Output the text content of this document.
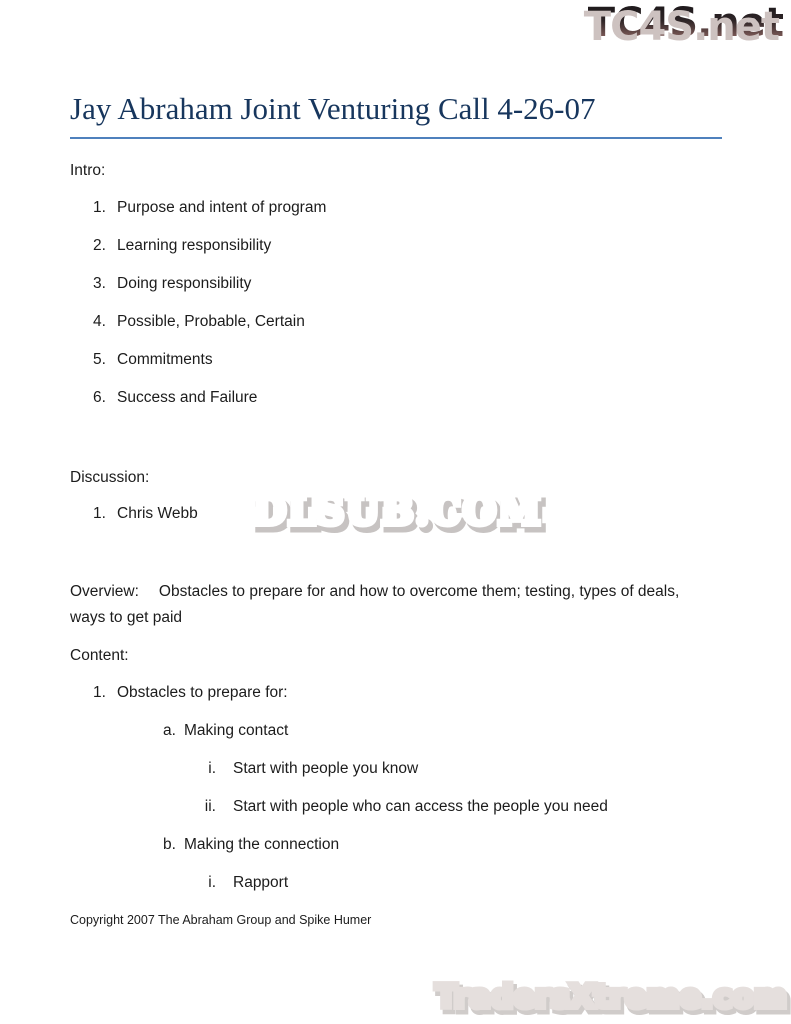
TC4S.net TC4S.net
Jay Abraham Joint Venturing Call 4-26-07
Intro:
1. Purpose and intent of program
2. Learning responsibility
3. Doing responsibility
4. Possible, Probable, Certain
5. Commitments
6. Success and Failure
Discussion:
1. Chris Webb DLSUB.COM DLSUB.COM DLSUB.COM
Overview: Obstacles to prepare for and how to overcome them; testing, types of deals, ways to get paid
Content:
1. Obstacles to prepare for:
a. Making contact
i. Start with people you know
ii. Start with people who can access the people you need
b. Making the connection
i. Rapport
Copyright 2007 The Abraham Group and Spike Humer
TradersXtreme.com TradersXtreme.com TradersXtreme.com
